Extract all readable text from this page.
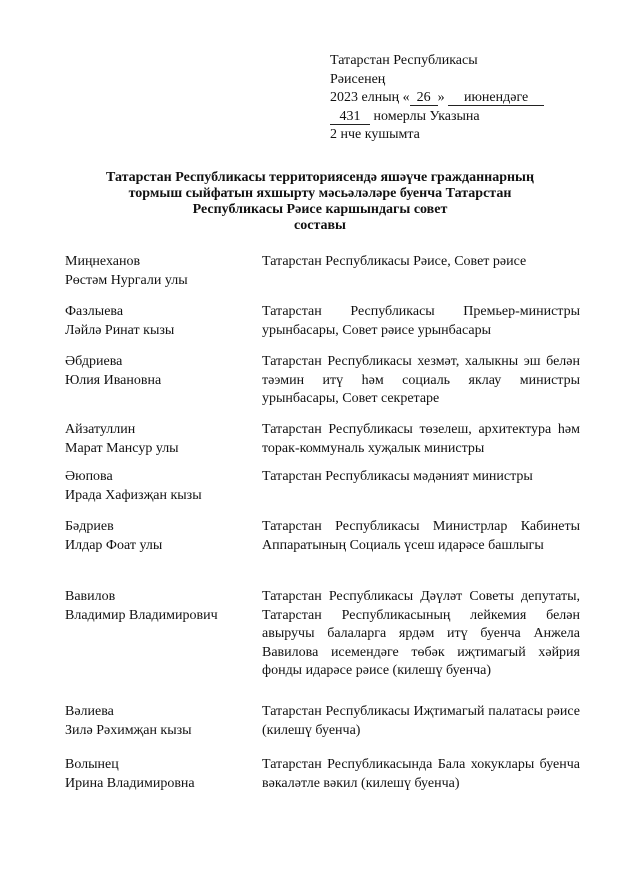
Татарстан Республикасы
Рәисенең
2023 елның « 26 » июнендәге
431 номерлы Указына
2 нче кушымта
Татарстан Республикасы территориясендә яшәүче гражданнарның
тормыш сыйфатын яхшырту мәсьәләләре буенча Татарстан
Республикасы Рәисе каршындагы совет
составы
Миңнеханов
Рөстәм Нургали улы
Татарстан Республикасы Рәисе, Совет рәисе
Фазлыева
Ләйлә Ринат кызы
Татарстан Республикасы Премьер-министры урынбасары, Совет рәисе урынбасары
Әбдриева
Юлия Ивановна
Татарстан Республикасы хезмәт, халыкны эш белән тәэмин итү һәм социаль яклау министры урынбасары, Совет секретаре
Айзатуллин
Марат Мансур улы
Татарстан Республикасы төзелеш, архитектура һәм торак-коммуналь хуҗалык министры
Әюпова
Ирада Хафизҗан кызы
Татарстан Республикасы мәдәният министры
Бәдриев
Илдар Фоат улы
Татарстан Республикасы Министрлар Кабинеты Аппаратының Социаль үсеш идарәсе башлыгы
Вавилов
Владимир Владимирович
Татарстан Республикасы Дәүләт Советы депутаты, Татарстан Республикасының лейкемия белән авыручы балаларга ярдәм итү буенча Анжела Вавилова исемендәге төбәк иҗтимагый хәйрия фонды идарәсе рәисе (килешү буенча)
Вәлиева
Зилә Рәхимҗан кызы
Татарстан Республикасы Иҗтимагый палатасы рәисе (килешү буенча)
Волынец
Ирина Владимировна
Татарстан Республикасында Бала хокуклары буенча вәкаләтле вәкил (килешү буенча)
